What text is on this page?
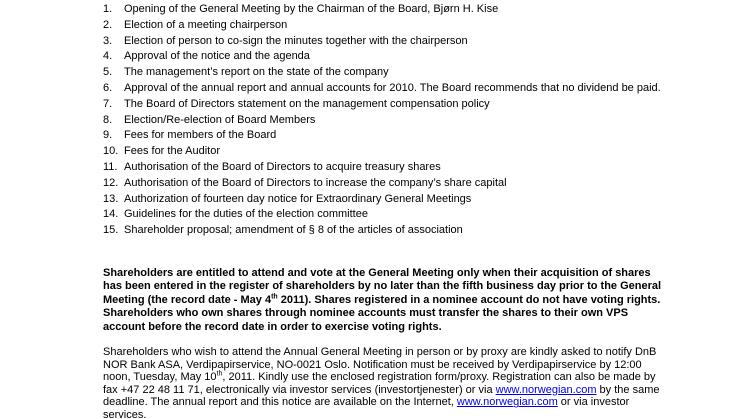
1. Opening of the General Meeting by the Chairman of the Board, Bjørn H. Kise
2. Election of a meeting chairperson
3. Election of person to co-sign the minutes together with the chairperson
4. Approval of the notice and the agenda
5. The management’s report on the state of the company
6. Approval of the annual report and annual accounts for 2010. The Board recommends that no dividend be paid.
7. The Board of Directors statement on the management compensation policy
8. Election/Re-election of Board Members
9. Fees for members of the Board
10. Fees for the Auditor
11. Authorisation of the Board of Directors to acquire treasury shares
12. Authorisation of the Board of Directors to increase the company’s share capital
13. Authorization of fourteen day notice for Extraordinary General Meetings
14. Guidelines for the duties of the election committee
15. Shareholder proposal; amendment of § 8 of the articles of association

Shareholders are entitled to attend and vote at the General Meeting only when their acquisition of shares has been entered in the register of shareholders by no later than the fifth business day prior to the General Meeting (the record date - May 4th 2011). Shares registered in a nominee account do not have voting rights. Shareholders who own shares through nominee accounts must transfer the shares to their own VPS account before the record date in order to exercise voting rights.

Shareholders who wish to attend the Annual General Meeting in person or by proxy are kindly asked to notify DnB NOR Bank ASA, Verdipapirservice, NO-0021 Oslo. Notification must be received by Verdipapirservice by 12:00 noon, Tuesday, May 10th, 2011. Kindly use the enclosed registration form/proxy. Registration can also be made by fax +47 22 48 11 71, electronically via investor services (investortjenester) or via www.norwegian.com by the same deadline. The annual report and this notice are available on the Internet, www.norwegian.com or via investor services.
